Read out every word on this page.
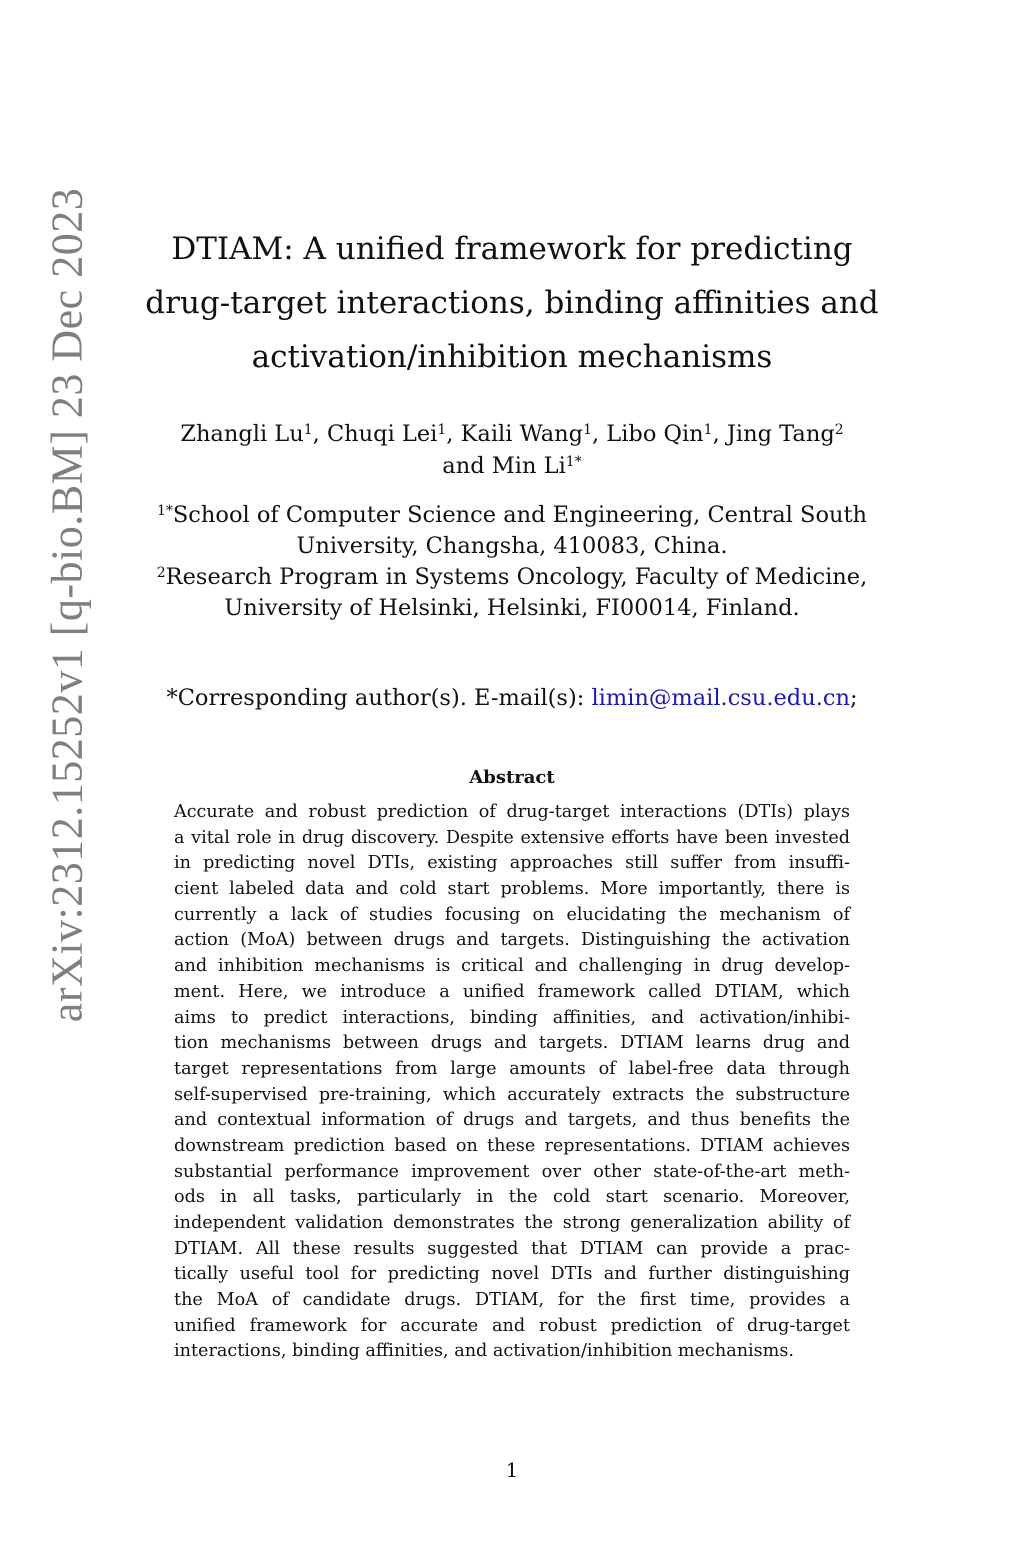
arXiv:2312.15252v1 [q-bio.BM] 23 Dec 2023	DTIAM: A unified framework for predicting
drug-target interactions, binding affinities and
activation/inhibition mechanisms
Zhangli Lu$^1$, Chuqi Lei$^1$, Kaili Wang$^1$, Libo Qin$^1$, Jing Tang$^2$
and Min $Li^{1*}$
$^{1*}$School of Computer Science and Engineering, Central South
University, Changsha, 410083, China.
$^2$Research Program in Systems Oncology, Faculty of Medicine,
University of Helsinki, Helsinki, FI00014, Finland.
*Corresponding author(s). E-mail(s): limin@mail.csu.edu.cn;
Abstract
Accurate and robust prediction of drug-target interactions (DTIs) plays
a vital role in drug discovery. Despite extensive efforts have been invested
in predicting novel DTIs, existing approaches still suffer from insuffi-
cient labeled data and cold start problems. More importantly, there is
currently a lack of studies focusing on elucidating the mechanism of
action (MoA) between drugs and targets. Distinguishing the activation
and inhibition mechanisms is critical and challenging in drug develop-
ment. Here, we introduce a unified framework called DTIAM, which
aims to predict interactions, binding affinities, and activation/inhibi-
tion mechanisms between drugs and targets. DTIAM learns drug and
target representations from large amounts of label-free data through
self-supervised pre-training, which accurately extracts the substructure
and contextual information of drugs and targets, and thus benefits the
downstream prediction based on these representations. DTIAM achieves
substantial performance improvement over other state-of-the-art meth-
ods in all tasks, particularly in the cold start scenario. Moreover,
independent validation demonstrates the strong generalization ability of
DTIAM. All these results suggested that DTIAM can provide a prac-
tically useful tool for predicting novel DTIs and further distinguishing
the MoA of candidate drugs. DTIAM, for the first time, provides a
unified framework for accurate and robust prediction of drug-target
interactions, binding affinities, and activation/inhibition mechanisms.
1
